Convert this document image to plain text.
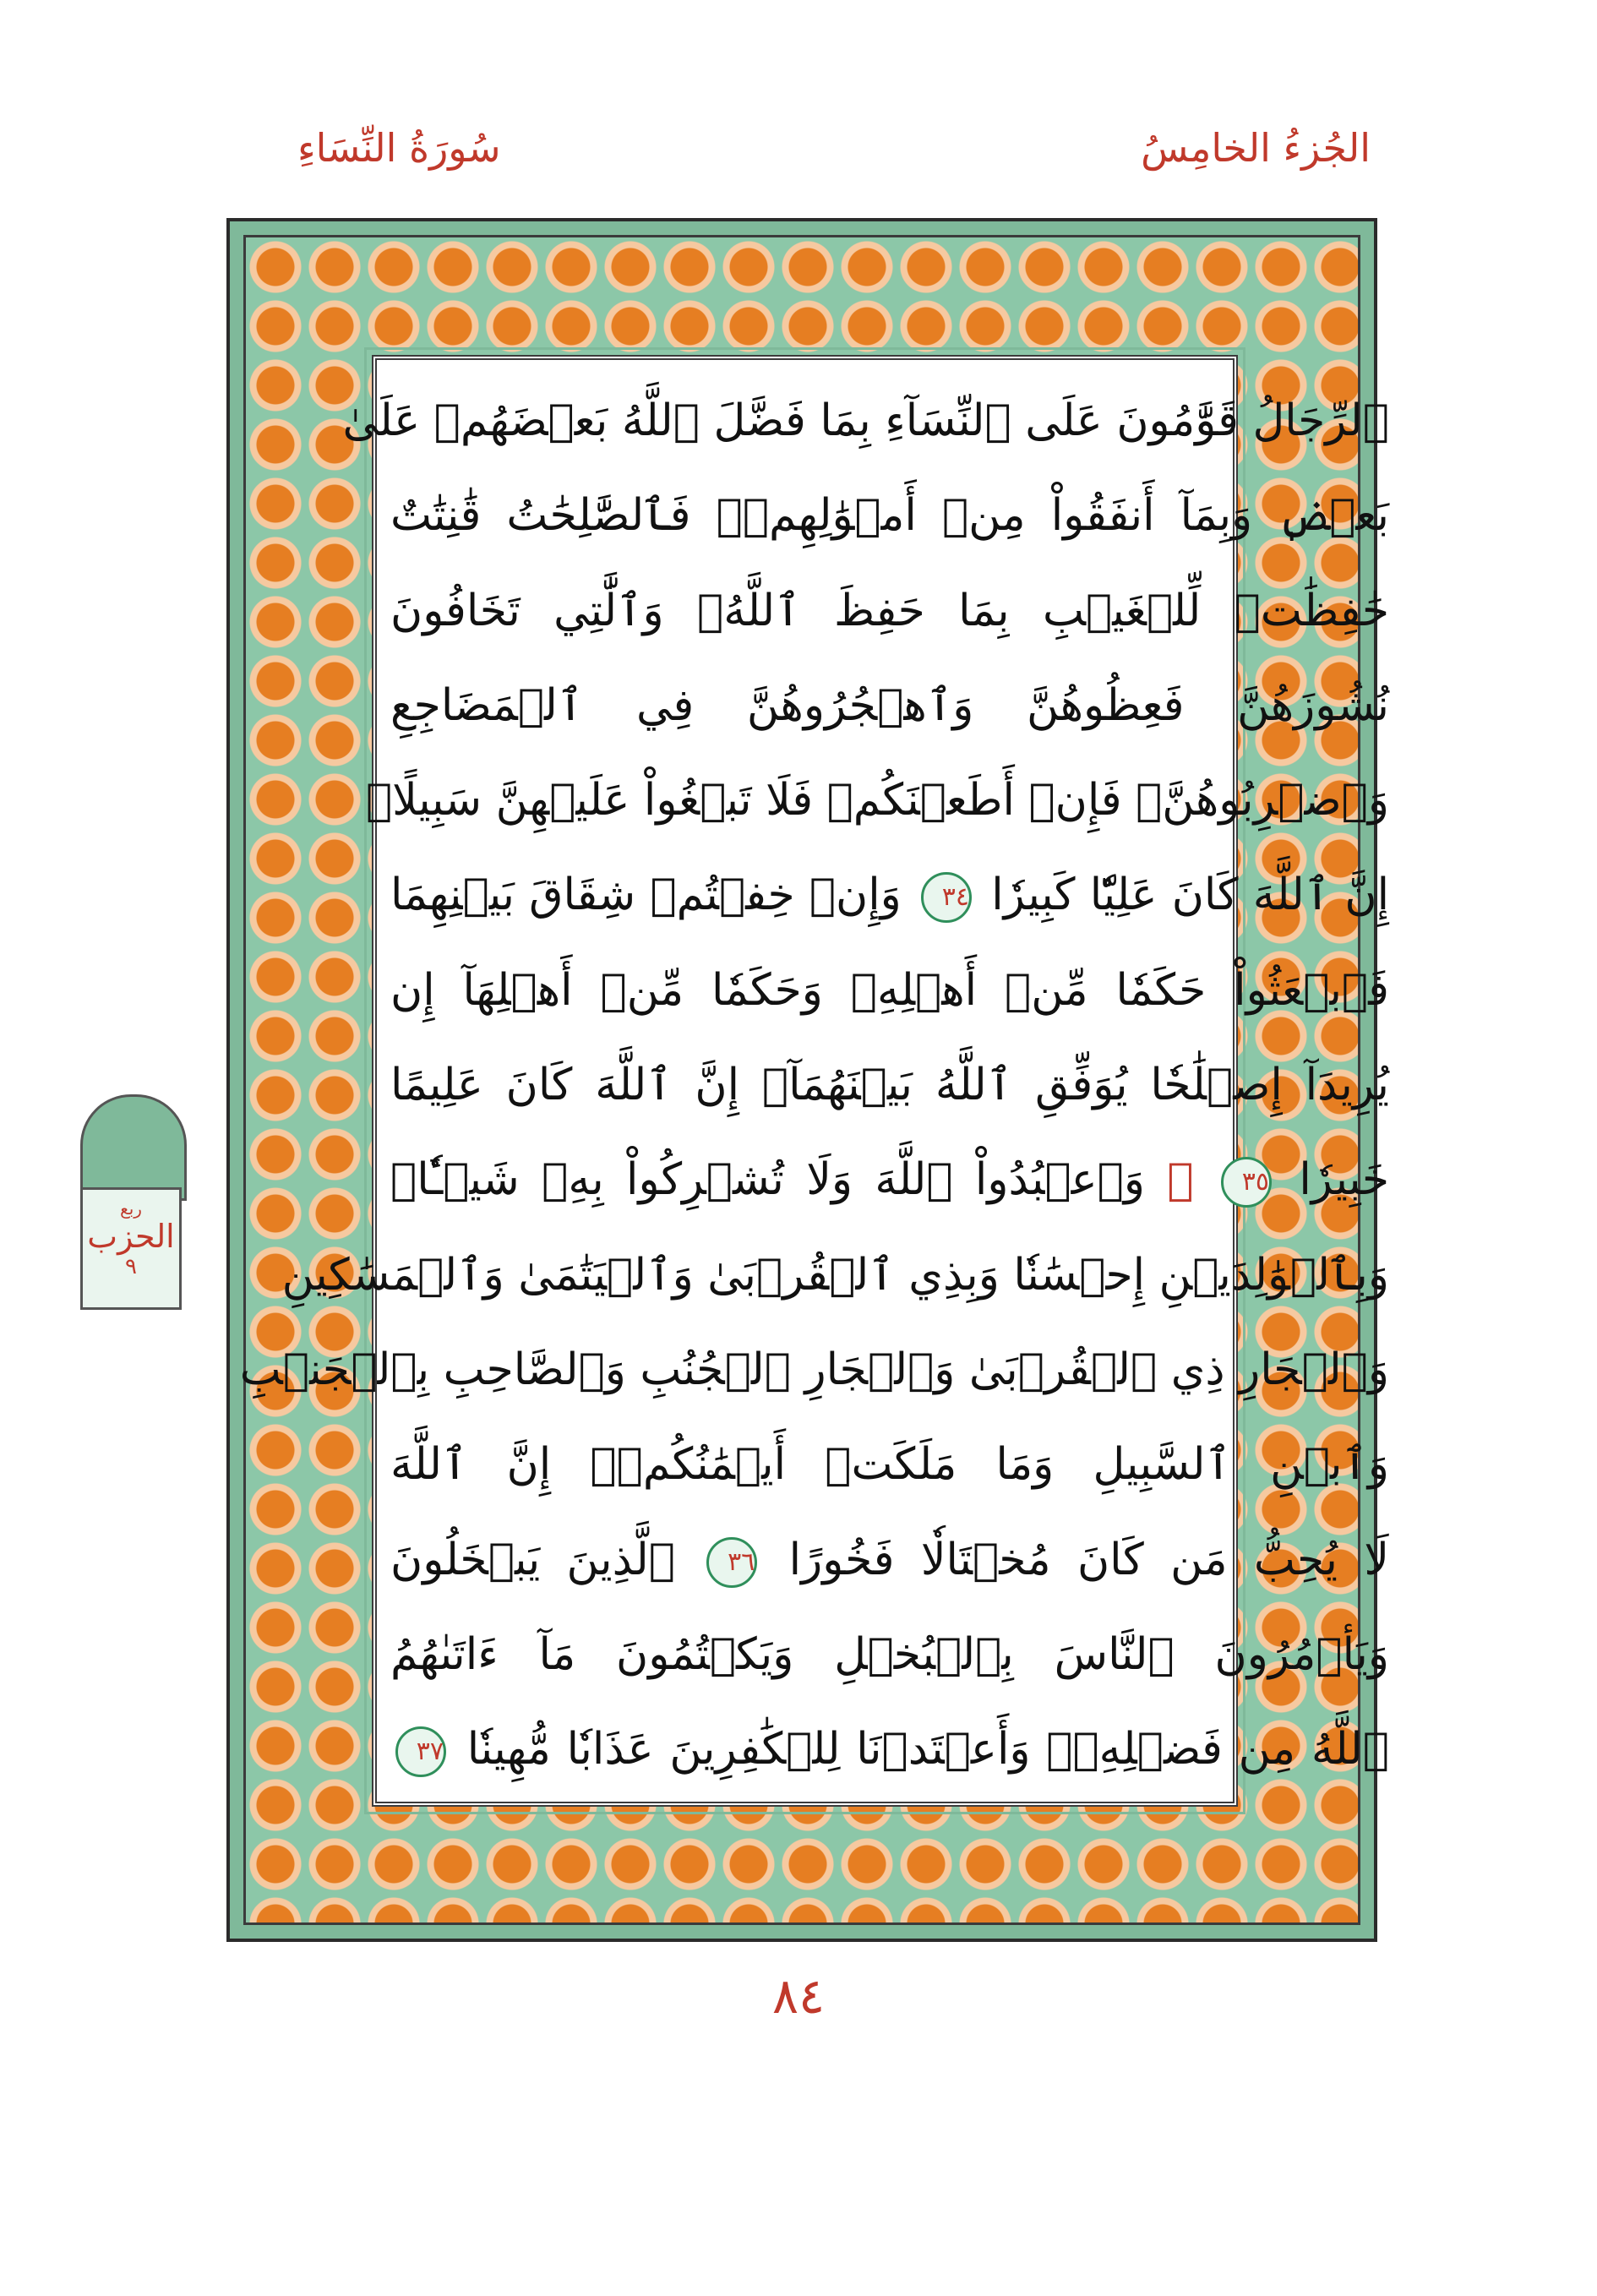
الجُزءُ الخامِسُ
سُورَةُ النِّسَاءِ
ٱلرِّجَالُ قَوَّٰمُونَ عَلَى ٱلنِّسَآءِ بِمَا فَضَّلَ ٱللَّهُ بَعۡضَهُمۡ عَلَىٰ
بَعۡضٖ وَبِمَآ أَنفَقُواْ مِنۡ أَمۡوَٰلِهِمۡۚ فَٱلصَّٰلِحَٰتُ قَٰنِتَٰتٌ
حَٰفِظَٰتٞ لِّلۡغَيۡبِ بِمَا حَفِظَ ٱللَّهُۚ وَٱلَّٰتِي تَخَافُونَ
نُشُوزَهُنَّ فَعِظُوهُنَّ وَٱهۡجُرُوهُنَّ فِي ٱلۡمَضَاجِعِ
وَٱضۡرِبُوهُنَّۖ فَإِنۡ أَطَعۡنَكُمۡ فَلَا تَبۡغُواْ عَلَيۡهِنَّ سَبِيلًاۗ
إِنَّ ٱللَّهَ كَانَ عَلِيّٗا كَبِيرٗا ٣٤ وَإِنۡ خِفۡتُمۡ شِقَاقَ بَيۡنِهِمَا
فَٱبۡعَثُواْ حَكَمٗا مِّنۡ أَهۡلِهِۦ وَحَكَمٗا مِّنۡ أَهۡلِهَآ إِن
يُرِيدَآ إِصۡلَٰحٗا يُوَفِّقِ ٱللَّهُ بَيۡنَهُمَآۗ إِنَّ ٱللَّهَ كَانَ عَلِيمًا
خَبِيرٗا ٣٥ ۞ وَٱعۡبُدُواْ ٱللَّهَ وَلَا تُشۡرِكُواْ بِهِۦ شَيۡـٔٗاۖ
وَبِٱلۡوَٰلِدَيۡنِ إِحۡسَٰنٗا وَبِذِي ٱلۡقُرۡبَىٰ وَٱلۡيَتَٰمَىٰ وَٱلۡمَسَٰكِينِ
وَٱلۡجَارِ ذِي ٱلۡقُرۡبَىٰ وَٱلۡجَارِ ٱلۡجُنُبِ وَٱلصَّاحِبِ بِٱلۡجَنۢبِ
وَٱبۡنِ ٱلسَّبِيلِ وَمَا مَلَكَتۡ أَيۡمَٰنُكُمۡۗ إِنَّ ٱللَّهَ
لَا يُحِبُّ مَن كَانَ مُخۡتَالٗا فَخُورًا ٣٦ ٱلَّذِينَ يَبۡخَلُونَ
وَيَأۡمُرُونَ ٱلنَّاسَ بِٱلۡبُخۡلِ وَيَكۡتُمُونَ مَآ ءَاتَىٰهُمُ
ٱللَّهُ مِن فَضۡلِهِۦۗ وَأَعۡتَدۡنَا لِلۡكَٰفِرِينَ عَذَابٗا مُّهِينٗا ٣٧
ربع
الحزب
٩
٨٤
